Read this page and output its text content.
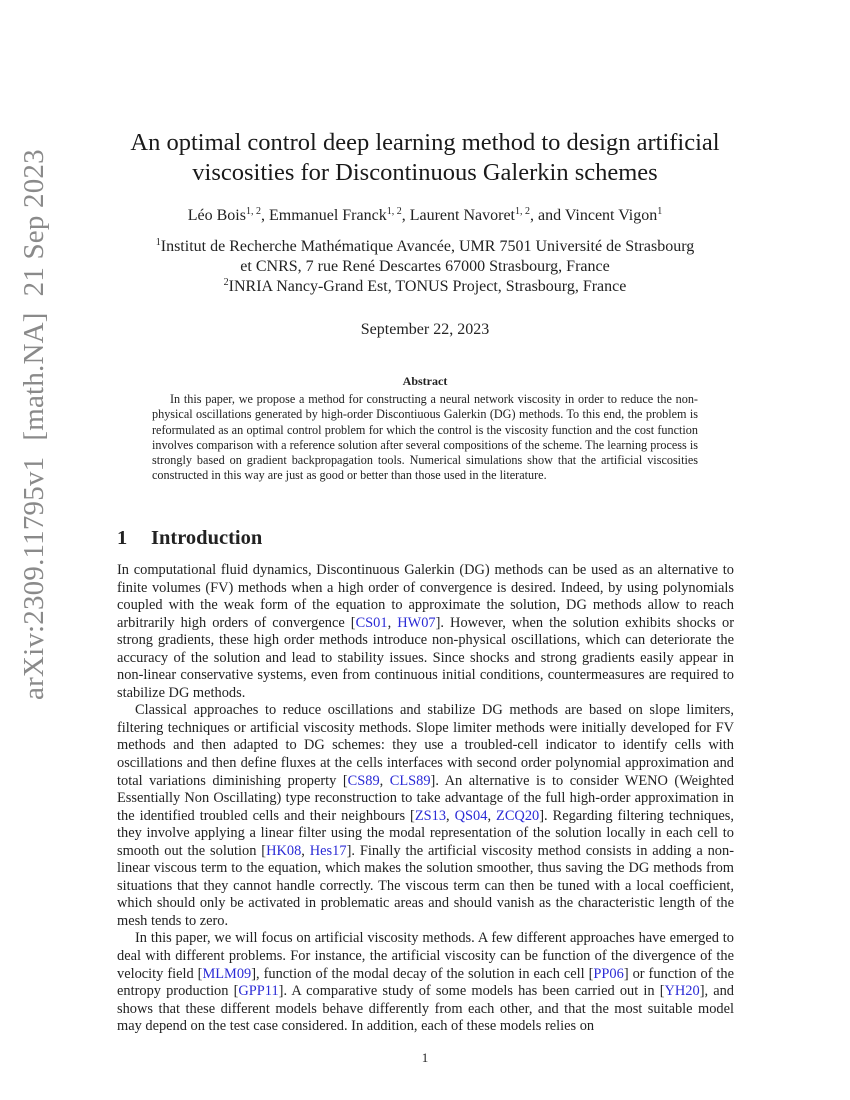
arXiv:2309.11795v1[math.NA]21 Sep 2023
An optimal control deep learning method to design artificial
viscosities for Discontinuous Galerkin schemes
Léo Bois$^{1, 2}$, Emmanuel Franck$^{1, 2}$, Laurent Navoret$^{1, 2}$, and Vincent Vigon$^1$
$^1$Institut de Recherche Mathématique Avancée, UMR 7501 Université de Strasbourg
et CNRS, 7 rue René Descartes 67000 Strasbourg, France
$^2$INRIA Nancy-Grand Est, TONUS Project, Strasbourg, France
September 22, 2023
Abstract
In this paper, we propose a method for constructing a neural network viscosity in order to reduce the non-physical oscillations generated by high-order Discontiuous Galerkin (DG) methods. To this end, the problem is reformulated as an optimal control problem for which the control is the viscosity function and the cost function involves comparison with a reference solution after several compositions of the scheme. The learning process is strongly based on gradient backpropagation tools. Numerical simulations show that the artificial viscosities constructed in this way are just as good or better than those used in the literature.
1 Introduction

In computational fluid dynamics, Discontinuous Galerkin (DG) methods can be used as an alternative to finite volumes (FV) methods when a high order of convergence is desired. Indeed, by using polynomials coupled with the weak form of the equation to approximate the solution, DG methods allow to reach arbitrarily high orders of convergence [CS01, HW07]. However, when the solution exhibits shocks or strong gradients, these high order methods introduce non-physical oscillations, which can deteriorate the accuracy of the solution and lead to stability issues. Since shocks and strong gradients easily appear in non-linear conservative systems, even from continuous initial conditions, countermeasures are required to stabilize DG methods.

Classical approaches to reduce oscillations and stabilize DG methods are based on slope limiters, filtering techniques or artificial viscosity methods. Slope limiter methods were initially developed for FV methods and then adapted to DG schemes: they use a troubled-cell indicator to identify cells with oscillations and then define fluxes at the cells interfaces with second order polynomial approximation and total variations diminishing property [CS89, CLS89]. An alternative is to consider WENO (Weighted Essentially Non Oscillating) type reconstruction to take advantage of the full high-order approximation in the identified troubled cells and their neighbours [ZS13, QS04, ZCQ20]. Regarding filtering techniques, they involve applying a linear filter using the modal representation of the solution locally in each cell to smooth out the solution [HK08, Hes17]. Finally the artificial viscosity method consists in adding a non-linear viscous term to the equation, which makes the solution smoother, thus saving the DG methods from situations that they cannot handle correctly. The viscous term can then be tuned with a local coefficient, which should only be activated in problematic areas and should vanish as the characteristic length of the mesh tends to zero.

In this paper, we will focus on artificial viscosity methods. A few different approaches have emerged to deal with different problems. For instance, the artificial viscosity can be function of the divergence of the velocity field [MLM09], function of the modal decay of the solution in each cell [PP06] or function of the entropy production [GPP11]. A comparative study of some models has been carried out in [YH20], and shows that these different models behave differently from each other, and that the most suitable model may depend on the test case considered. In addition, each of these models relies on

1
